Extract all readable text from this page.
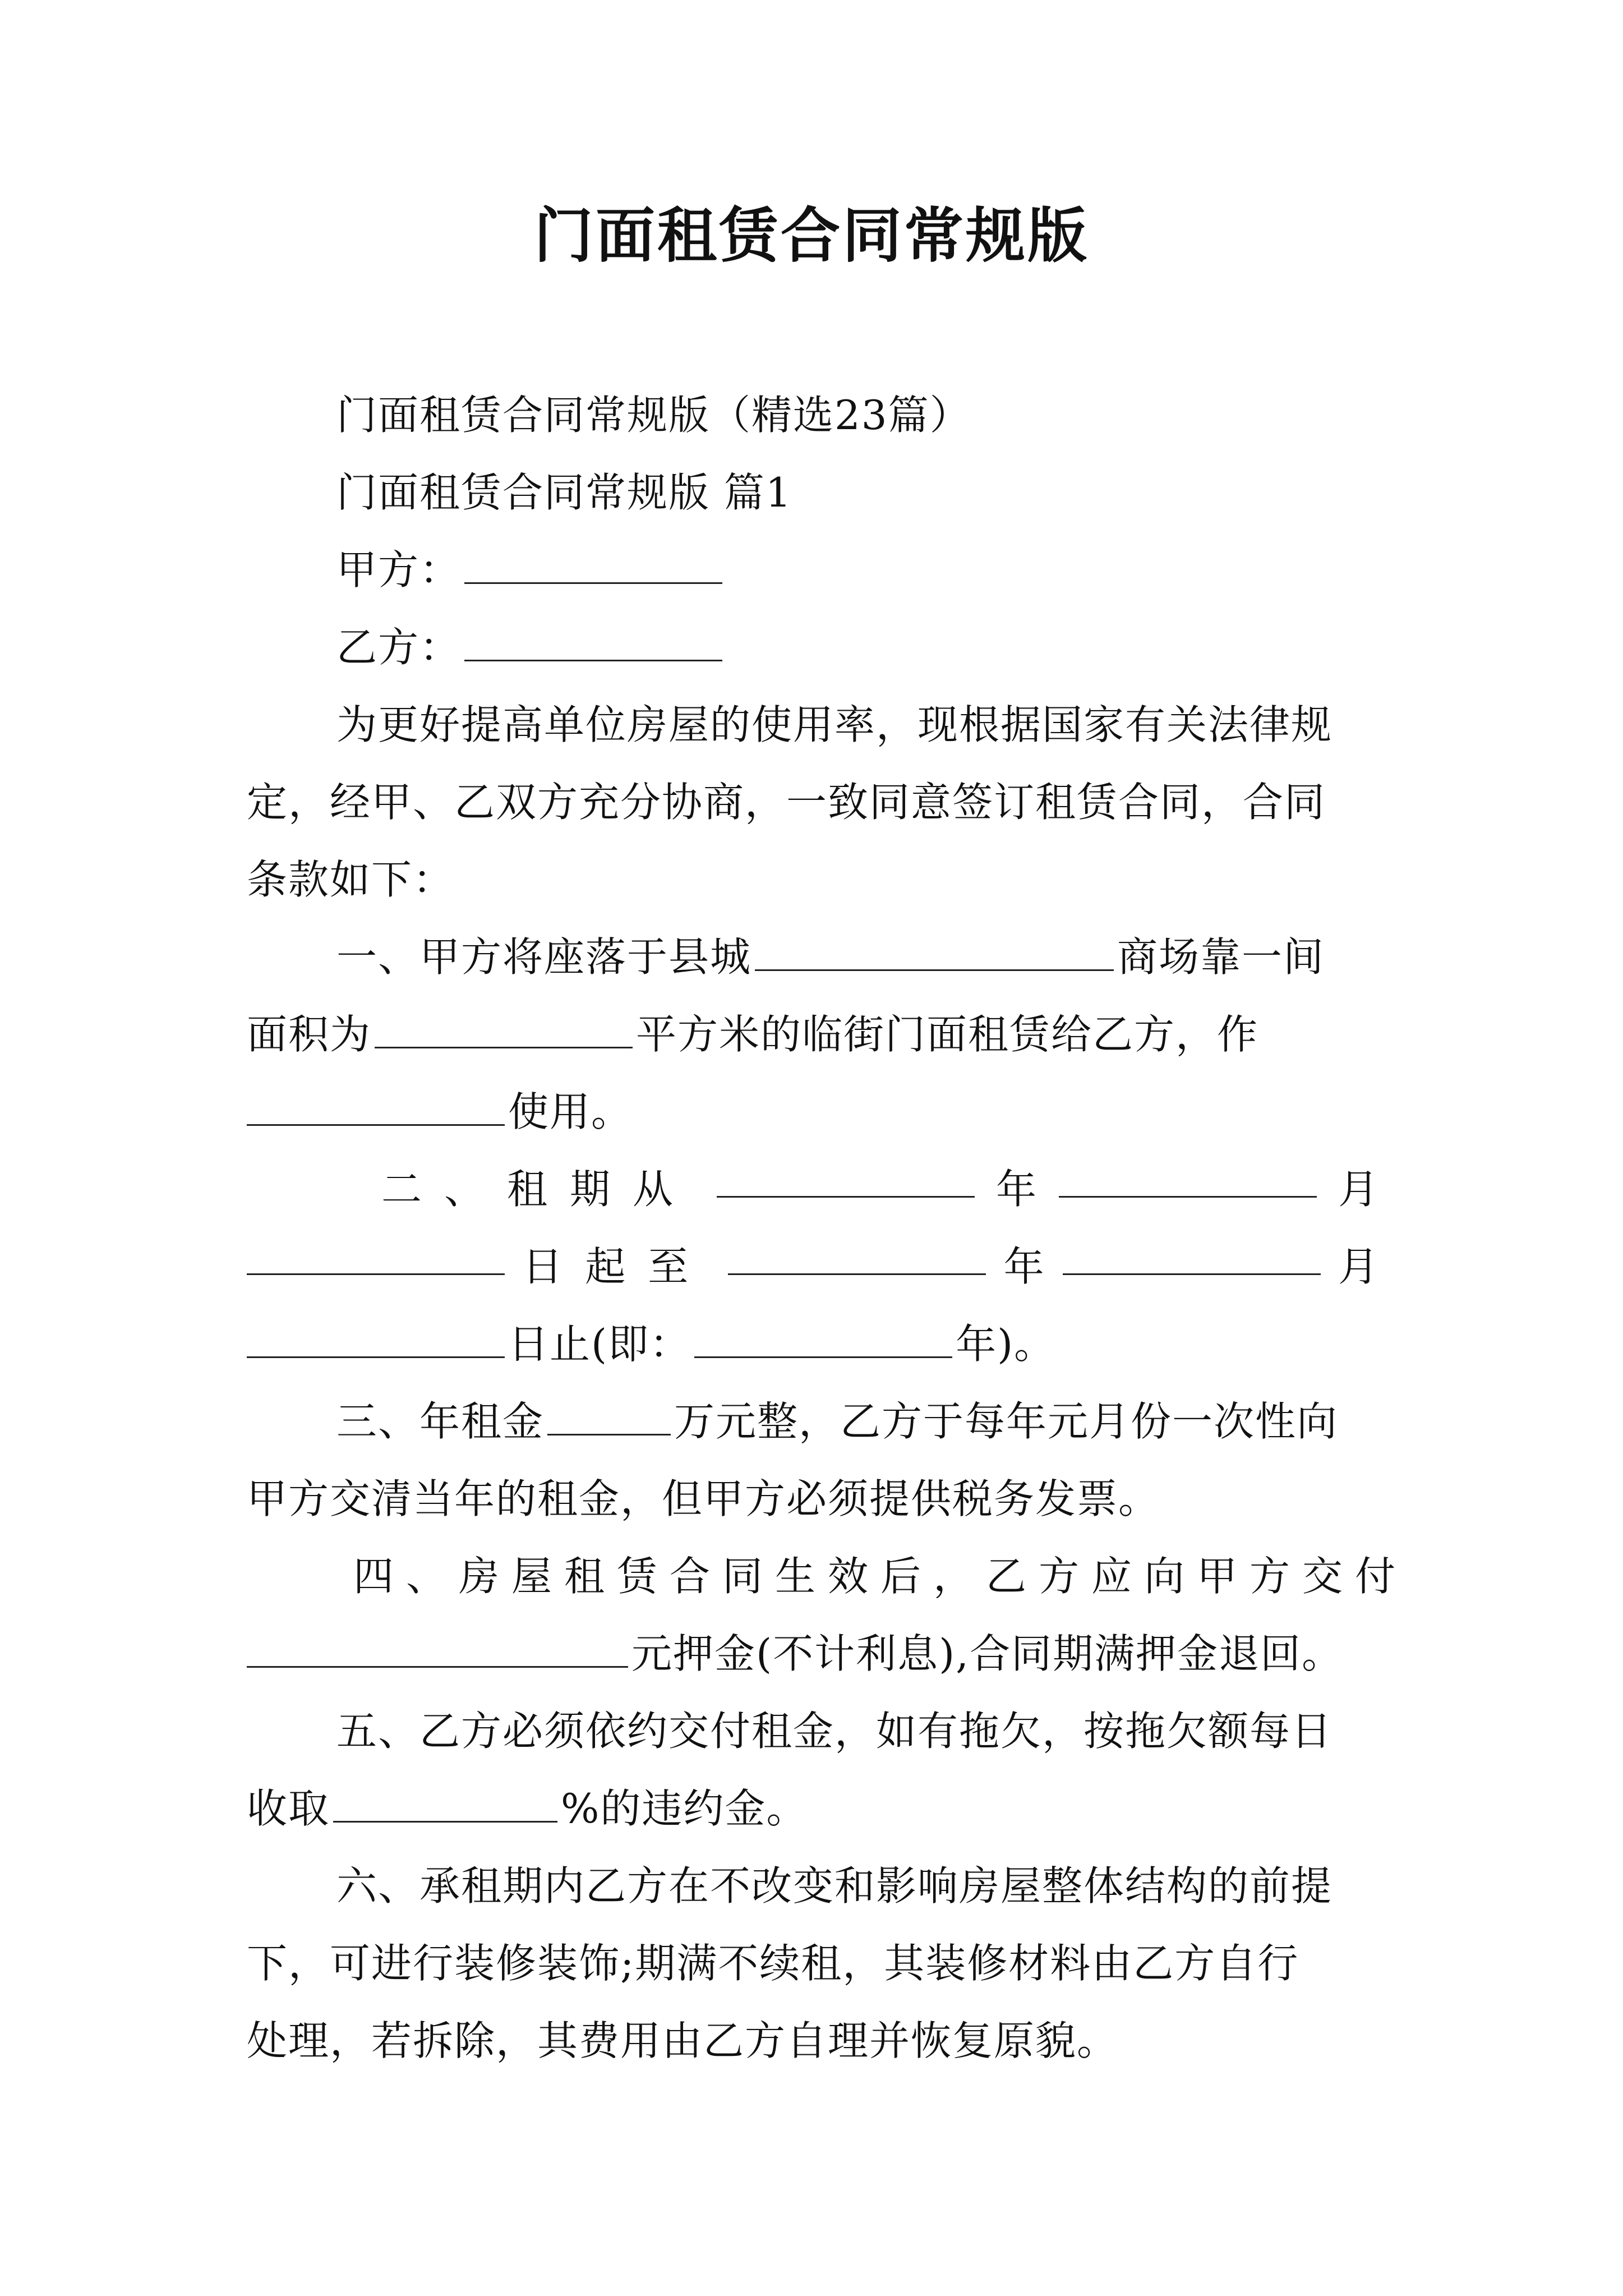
门面租赁合同常规版
门面租赁合同常规版（精选23篇）
门面租赁合同常规版 篇1
甲方：
乙方：
为更好提高单位房屋的使用率，现根据国家有关法律规
定，经甲、乙双方充分协商，一致同意签订租赁合同，合同
条款如下：
一、甲方将座落于县城	商场靠一间
面积为	平方米的临街门面租赁给乙方，作
使用。
二、租期从	年	月
日起至	年	月
日止(即：	年)。
三、年租金	万元整，乙方于每年元月份一次性向
甲方交清当年的租金，但甲方必须提供税务发票。
四、房屋租赁合同生效后，乙方应向甲方交付
元押金(不计利息),合同期满押金退回。
五、乙方必须依约交付租金，如有拖欠，按拖欠额每日
收取	%的违约金。
六、承租期内乙方在不改变和影响房屋整体结构的前提
下，可进行装修装饰;期满不续租，其装修材料由乙方自行
处理，若拆除，其费用由乙方自理并恢复原貌。
